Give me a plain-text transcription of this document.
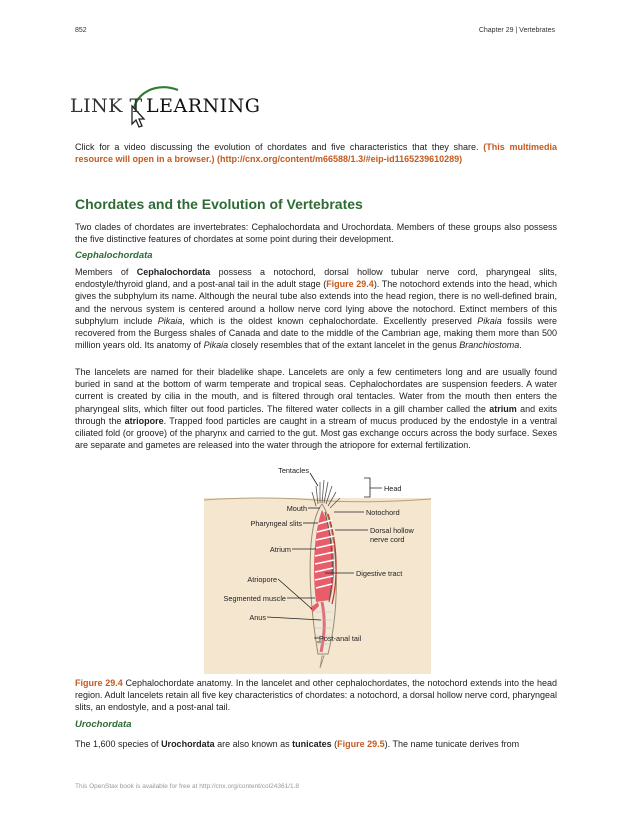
852	Chapter 29 | Vertebrates
LINK T LEARNING
Click for a video discussing the evolution of chordates and five characteristics that they share. (This multimedia resource will open in a browser.) (http://cnx.org/content/m66588/1.3/#eip-id1165239610289)
Chordates and the Evolution of Vertebrates
Two clades of chordates are invertebrates: Cephalochordata and Urochordata. Members of these groups also possess the five distinctive features of chordates at some point during their development.
Cephalochordata
Members of Cephalochordata possess a notochord, dorsal hollow tubular nerve cord, pharyngeal slits, endostyle/thyroid gland, and a post-anal tail in the adult stage (Figure 29.4). The notochord extends into the head, which gives the subphylum its name. Although the neural tube also extends into the head region, there is no well-defined brain, and the nervous system is centered around a hollow nerve cord lying above the notochord. Extinct members of this subphylum include Pikaia, which is the oldest known cephalochordate. Excellently preserved Pikaia fossils were recovered from the Burgess shales of Canada and date to the middle of the Cambrian age, making them more than 500 million years old. Its anatomy of Pikaia closely resembles that of the extant lancelet in the genus Branchiostoma.
The lancelets are named for their bladelike shape. Lancelets are only a few centimeters long and are usually found buried in sand at the bottom of warm temperate and tropical seas. Cephalochordates are suspension feeders. A water current is created by cilia in the mouth, and is filtered through oral tentacles. Water from the mouth then enters the pharyngeal slits, which filter out food particles. The filtered water collects in a gill chamber called the atrium and exits through the atriopore. Trapped food particles are caught in a stream of mucus produced by the endostyle in a ventral ciliated fold (or groove) of the pharynx and carried to the gut. Most gas exchange occurs across the body surface. Sexes are separate and gametes are released into the water through the atriopore for external fertilization.
Tentacles
Head
Mouth	Notochord
Pharyngeal slits
Dorsal hollow
nerve cord
Atrium
Digestive tract
Atriopore
Segmented muscle
Anus
Post-anal tail
Figure 29.4 Cephalochordate anatomy. In the lancelet and other cephalochordates, the notochord extends into the head region. Adult lancelets retain all five key characteristics of chordates: a notochord, a dorsal hollow nerve cord, pharyngeal slits, an endostyle, and a post-anal tail.
Urochordata
The 1,600 species of Urochordata are also known as tunicates (Figure 29.5). The name tunicate derives from
This OpenStax book is available for free at http://cnx.org/content/col24361/1.8
